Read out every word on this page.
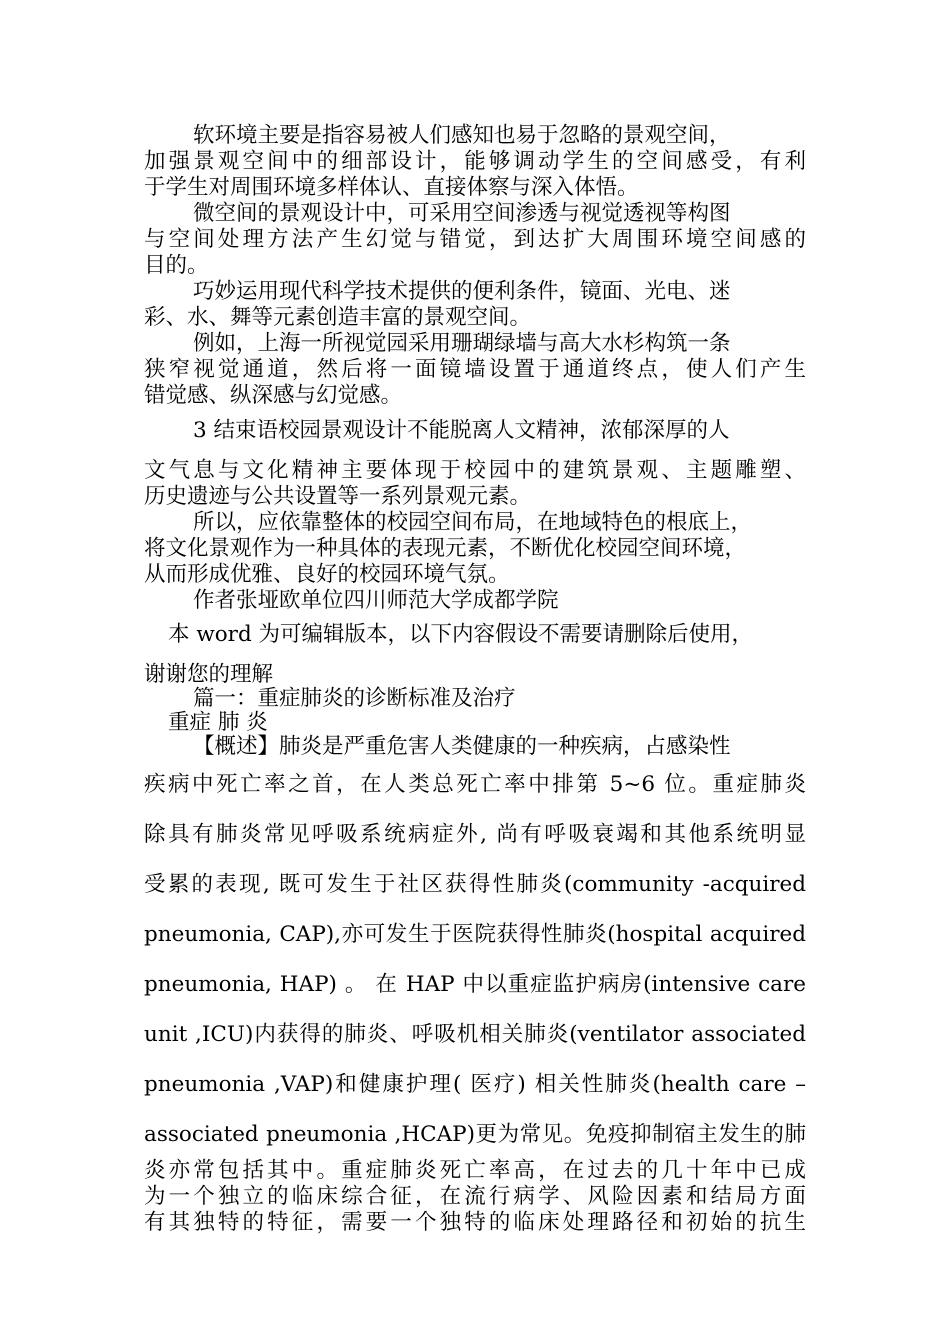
软环境主要是指容易被人们感知也易于忽略的景观空间，
加强景观空间中的细部设计，能够调动学生的空间感受，有利
于学生对周围环境多样体认、直接体察与深入体悟。
微空间的景观设计中，可采用空间渗透与视觉透视等构图
与空间处理方法产生幻觉与错觉，到达扩大周围环境空间感的
目的。
巧妙运用现代科学技术提供的便利条件，镜面、光电、迷
彩、水、舞等元素创造丰富的景观空间。
例如，上海一所视觉园采用珊瑚绿墙与高大水杉构筑一条
狭窄视觉通道，然后将一面镜墙设置于通道终点，使人们产生
错觉感、纵深感与幻觉感。
3 结束语校园景观设计不能脱离人文精神，浓郁深厚的人
文气息与文化精神主要体现于校园中的建筑景观、主题雕塑、
历史遗迹与公共设置等一系列景观元素。
所以，应依靠整体的校园空间布局，在地域特色的根底上，
将文化景观作为一种具体的表现元素，不断优化校园空间环境，
从而形成优雅、良好的校园环境气氛。
作者张垭欧单位四川师范大学成都学院
本 word 为可编辑版本，以下内容假设不需要请删除后使用，
谢谢您的理解
篇一：重症肺炎的诊断标准及治疗
重症 肺 炎
【概述】肺炎是严重危害人类健康的一种疾病，占感染性
疾病中死亡率之首，在人类总死亡率中排第 5~6 位。重症肺炎
除具有肺炎常见呼吸系统病症外, 尚有呼吸衰竭和其他系统明显
受累的表现, 既可发生于社区获得性肺炎(community -acquired
pneumonia, CAP),亦可发生于医院获得性肺炎(hospital acquired
pneumonia, HAP) 。 在 HAP 中以重症监护病房(intensive care
unit ,ICU)内获得的肺炎、呼吸机相关肺炎(ventilator associated
pneumonia ,VAP)和健康护理( 医疗) 相关性肺炎(health care –
associated pneumonia ,HCAP)更为常见。免疫抑制宿主发生的肺
炎亦常包括其中。重症肺炎死亡率高，在过去的几十年中已成
为一个独立的临床综合征，在流行病学、风险因素和结局方面
有其独特的特征，需要一个独特的临床处理路径和初始的抗生
